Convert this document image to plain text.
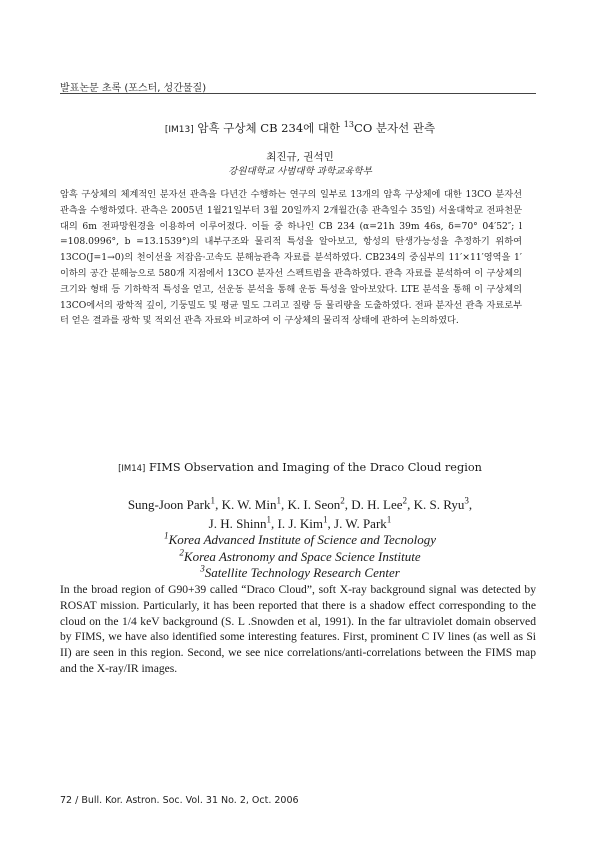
발표논문 초록 (포스터, 성간물질)
[IM13] 암흑 구상체 CB 234에 대한 $^{13}$CO 분자선 관측
최진규, 권석민
강원대학교 사범대학 과학교육학부

암흑 구상체의 체계적인 분자선 관측을 다년간 수행하는 연구의 일부로 13개의 암흑 구상체에 대한 13CO 분자선 관측을 수행하였다. 관측은 2005년 1월21일부터 3월 20일까지 2개월간(총 관측일수 35일) 서울대학교 전파천문대의 6m 전파망원경을 이용하여 이루어졌다. 이들 중 하나인 CB 234 (α=21h 39m 46s, δ=70° 04′52″; l =108.0996°, b =13.1539°)의 내부구조와 물리적 특성을 알아보고, 항성의 탄생가능성을 추정하기 위하여 13CO(J=1→0)의 천이선을 저잡음·고속도 분해능관측 자료를 분석하였다. CB234의 중심부의 11′×11′영역을 1′이하의 공간 분해능으로 580개 지점에서 13CO 분자선 스펙트럼을 관측하였다. 관측 자료를 분석하여 이 구상체의 크기와 형태 등 기하학적 특성을 얻고, 선운동 분석을 통해 운동 특성을 알아보았다. LTE 분석을 통해 이 구상체의 13CO에서의 광학적 깊이, 기둥밀도 및 평균 밀도 그리고 질량 등 물리량을 도출하였다. 전파 분자선 관측 자료로부터 얻은 결과를 광학 및 적외선 관측 자료와 비교하여 이 구상체의 물리적 상태에 관하여 논의하였다.

[IM14] FIMS Observation and Imaging of the Draco Cloud region
Sung-Joon Park$^1$, K. W. Min$^1$, K. I. Seon$^2$, D. H. Lee$^2$, K. S. Ryu$^3$,
J. H. Shinn$^1$, I. J. Kim$^1$, J. W. Park$^1$
$^1$Korea Advanced Institute of Science and Tecnology
$^2$Korea Astronomy and Space Science Institute
$^3$Satellite Technology Research Center

In the broad region of G90+39 called “Draco Cloud”, soft X-ray background signal was detected by ROSAT mission. Particularly, it has been reported that there is a shadow effect corresponding to the cloud on the 1/4 keV background (S. L .Snowden et al, 1991). In the far ultraviolet domain observed by FIMS, we have also identified some interesting features. First, prominent C IV lines (as well as Si II) are seen in this region. Second, we see nice correlations/anti-correlations between the FIMS map and the X-ray/IR images.

72 / Bull. Kor. Astron. Soc. Vol. 31 No. 2, Oct. 2006
